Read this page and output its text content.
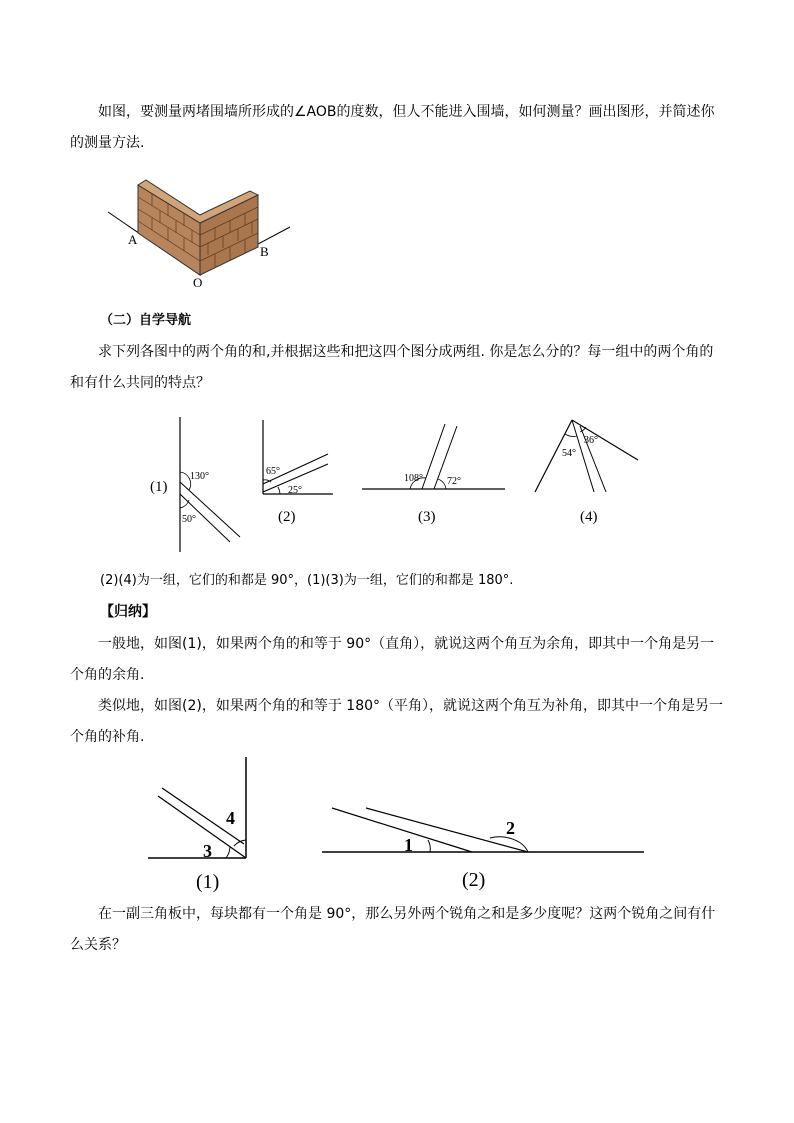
如图，要测量两堵围墙所形成的∠AOB的度数，但人不能进入围墙，如何测量？画出图形，并简述你的测量方法.

A
B
O

（二）自学导航

求下列各图中的两个角的和,并根据这些和把这四个图分成两组. 你是怎么分的？每一组中的两个角的和有什么共同的特点？

130°
50°
(1)
65°
25°
(2)
108° 72°
(3)
54°
36°
(4)

(2)(4)为一组，它们的和都是 90°，(1)(3)为一组，它们的和都是 180°.

【归纳】

一般地，如图(1)，如果两个角的和等于 90°（直角），就说这两个角互为余角，即其中一个角是另一个角的余角.

类似地，如图(2)，如果两个角的和等于 180°（平角），就说这两个角互为补角，即其中一个角是另一个角的补角.

3
4
(1)
1
2
(2)

在一副三角板中，每块都有一个角是 90°，那么另外两个锐角之和是多少度呢？这两个锐角之间有什么关系？
